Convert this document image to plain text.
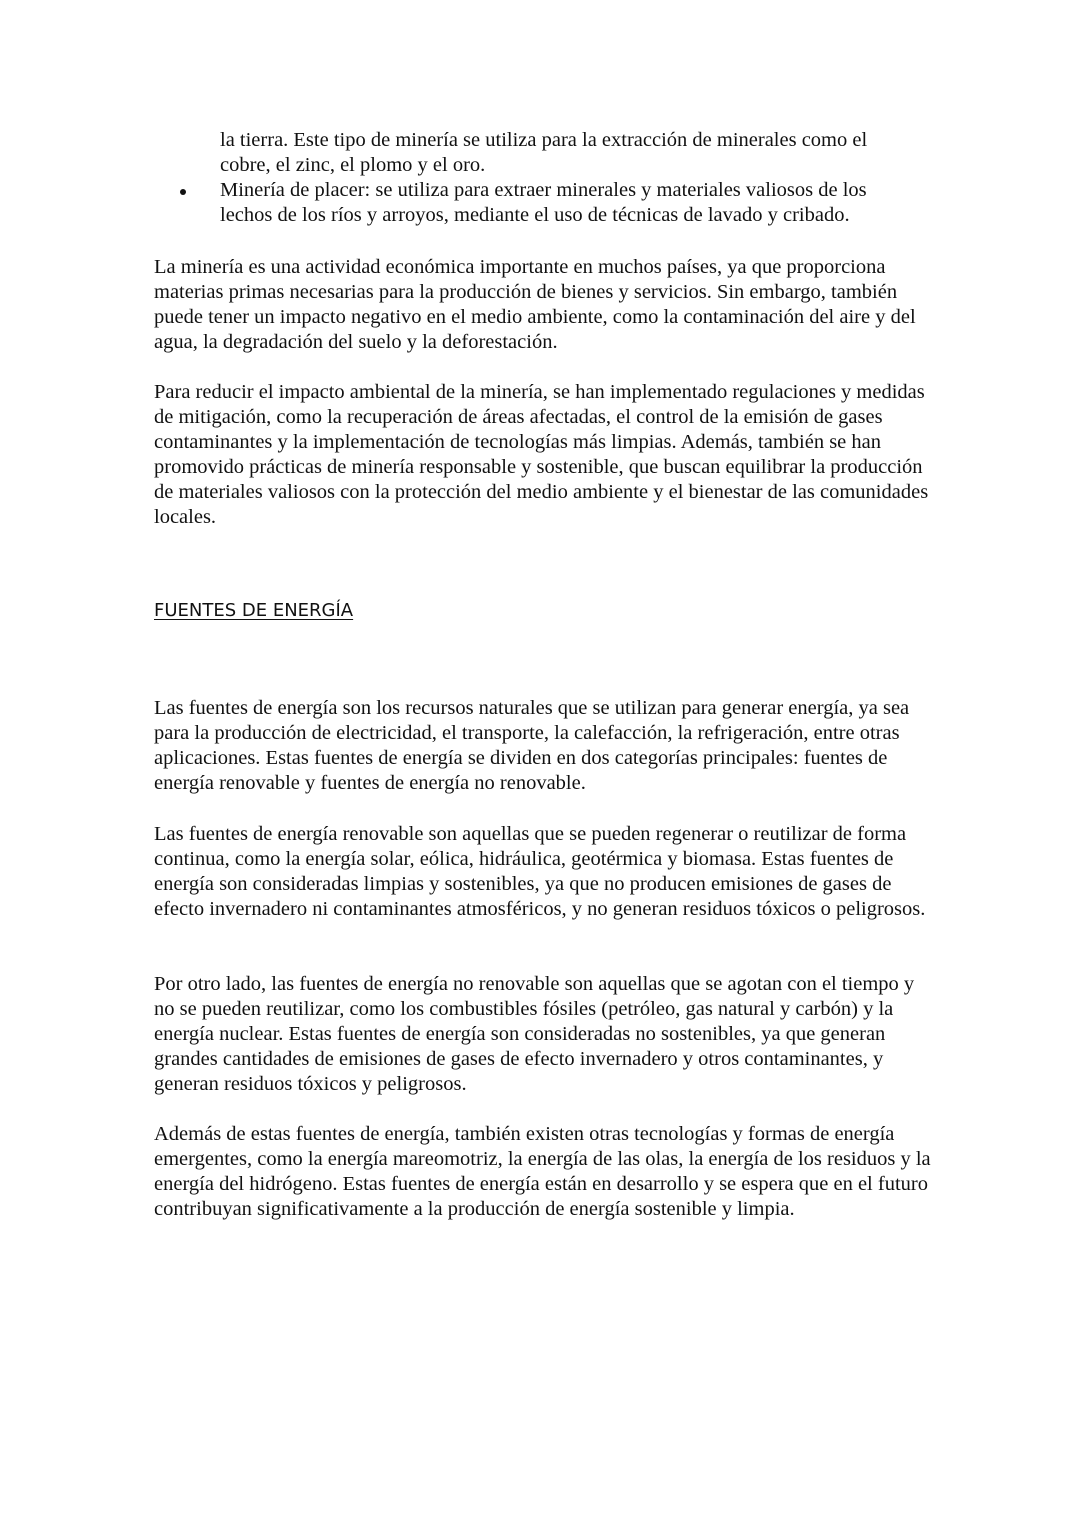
la tierra. Este tipo de minería se utiliza para la extracción de minerales como el cobre, el zinc, el plomo y el oro.
Minería de placer: se utiliza para extraer minerales y materiales valiosos de los lechos de los ríos y arroyos, mediante el uso de técnicas de lavado y cribado.

La minería es una actividad económica importante en muchos países, ya que proporciona materias primas necesarias para la producción de bienes y servicios. Sin embargo, también puede tener un impacto negativo en el medio ambiente, como la contaminación del aire y del agua, la degradación del suelo y la deforestación.

Para reducir el impacto ambiental de la minería, se han implementado regulaciones y medidas de mitigación, como la recuperación de áreas afectadas, el control de la emisión de gases contaminantes y la implementación de tecnologías más limpias. Además, también se han promovido prácticas de minería responsable y sostenible, que buscan equilibrar la producción de materiales valiosos con la protección del medio ambiente y el bienestar de las comunidades locales.

FUENTES DE ENERGÍA

Las fuentes de energía son los recursos naturales que se utilizan para generar energía, ya sea para la producción de electricidad, el transporte, la calefacción, la refrigeración, entre otras aplicaciones. Estas fuentes de energía se dividen en dos categorías principales: fuentes de energía renovable y fuentes de energía no renovable.

Las fuentes de energía renovable son aquellas que se pueden regenerar o reutilizar de forma continua, como la energía solar, eólica, hidráulica, geotérmica y biomasa. Estas fuentes de energía son consideradas limpias y sostenibles, ya que no producen emisiones de gases de efecto invernadero ni contaminantes atmosféricos, y no generan residuos tóxicos o peligrosos.

Por otro lado, las fuentes de energía no renovable son aquellas que se agotan con el tiempo y no se pueden reutilizar, como los combustibles fósiles (petróleo, gas natural y carbón) y la energía nuclear. Estas fuentes de energía son consideradas no sostenibles, ya que generan grandes cantidades de emisiones de gases de efecto invernadero y otros contaminantes, y generan residuos tóxicos y peligrosos.

Además de estas fuentes de energía, también existen otras tecnologías y formas de energía emergentes, como la energía mareomotriz, la energía de las olas, la energía de los residuos y la energía del hidrógeno. Estas fuentes de energía están en desarrollo y se espera que en el futuro contribuyan significativamente a la producción de energía sostenible y limpia.
